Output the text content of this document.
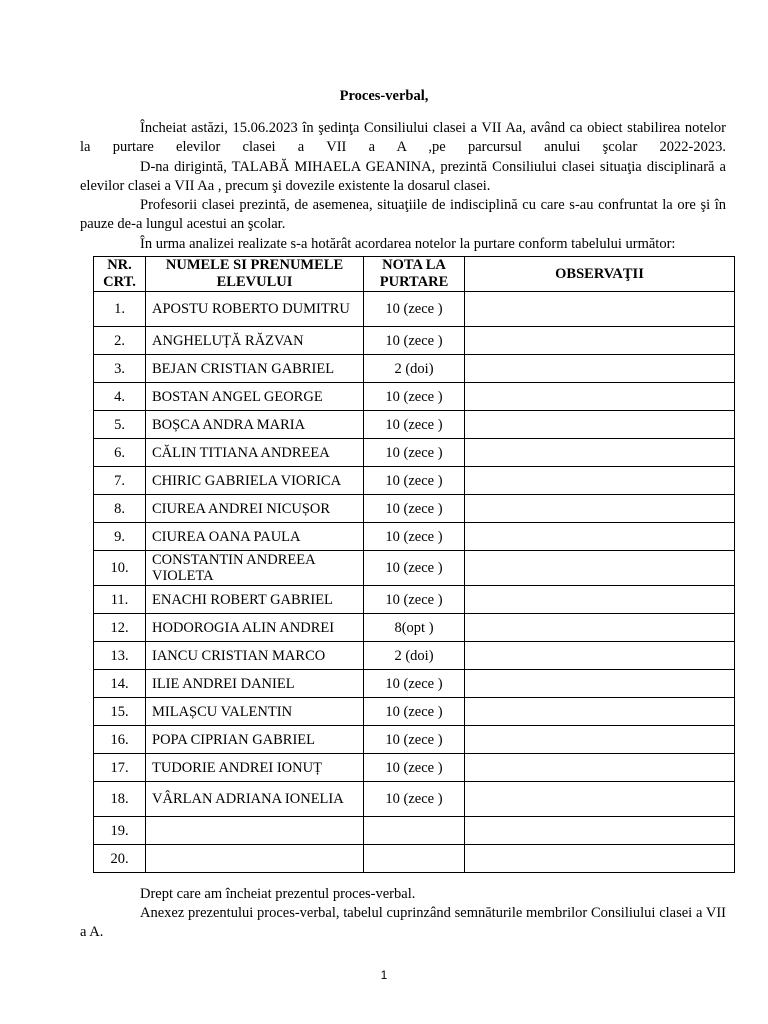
Proces-verbal,

Încheiat astăzi, 15.06.2023 în şedinţa Consiliului clasei a VII Aa, având ca obiect stabilirea notelor la purtare elevilor clasei a VII a A ,pe parcursul anului şcolar 2022-2023.

D-na dirigintă, TALABĂ MIHAELA GEANINA, prezintă Consiliului clasei situaţia disciplinară a elevilor clasei a VII Aa , precum şi dovezile existente la dosarul clasei.

Profesorii clasei prezintă, de asemenea, situaţiile de indisciplină cu care s-au confruntat la ore şi în pauze de-a lungul acestui an şcolar.

În urma analizei realizate s-a hotărât acordarea notelor la purtare conform tabelului următor:

NR. CRT.	NUMELE SI PRENUMELE ELEVULUI	NOTA LA PURTARE	OBSERVAŢII
1.	APOSTU ROBERTO DUMITRU	10 (zece )	
2.	ANGHELUȚĂ RĂZVAN	10 (zece )	
3.	BEJAN CRISTIAN GABRIEL	2 (doi)	
4.	BOSTAN ANGEL GEORGE	10 (zece )	
5.	BOȘCA ANDRA MARIA	10 (zece )	
6.	CĂLIN TITIANA ANDREEA	10 (zece )	
7.	CHIRIC GABRIELA VIORICA	10 (zece )	
8.	CIUREA ANDREI NICUȘOR	10 (zece )	
9.	CIUREA OANA PAULA	10 (zece )	
10.	CONSTANTIN ANDREEA VIOLETA	10 (zece )	
11.	ENACHI ROBERT GABRIEL	10 (zece )	
12.	HODOROGIA ALIN ANDREI	8(opt )	
13.	IANCU CRISTIAN MARCO	2 (doi)	
14.	ILIE ANDREI DANIEL	10 (zece )	
15.	MILAȘCU VALENTIN	10 (zece )	
16.	POPA CIPRIAN GABRIEL	10 (zece )	
17.	TUDORIE ANDREI IONUȚ	10 (zece )	
18.	VÂRLAN ADRIANA IONELIA	10 (zece )	
19.			
20.			

Drept care am încheiat prezentul proces-verbal.

Anexez prezentului proces-verbal, tabelul cuprinzând semnăturile membrilor Consiliului clasei a VII a A.

1
